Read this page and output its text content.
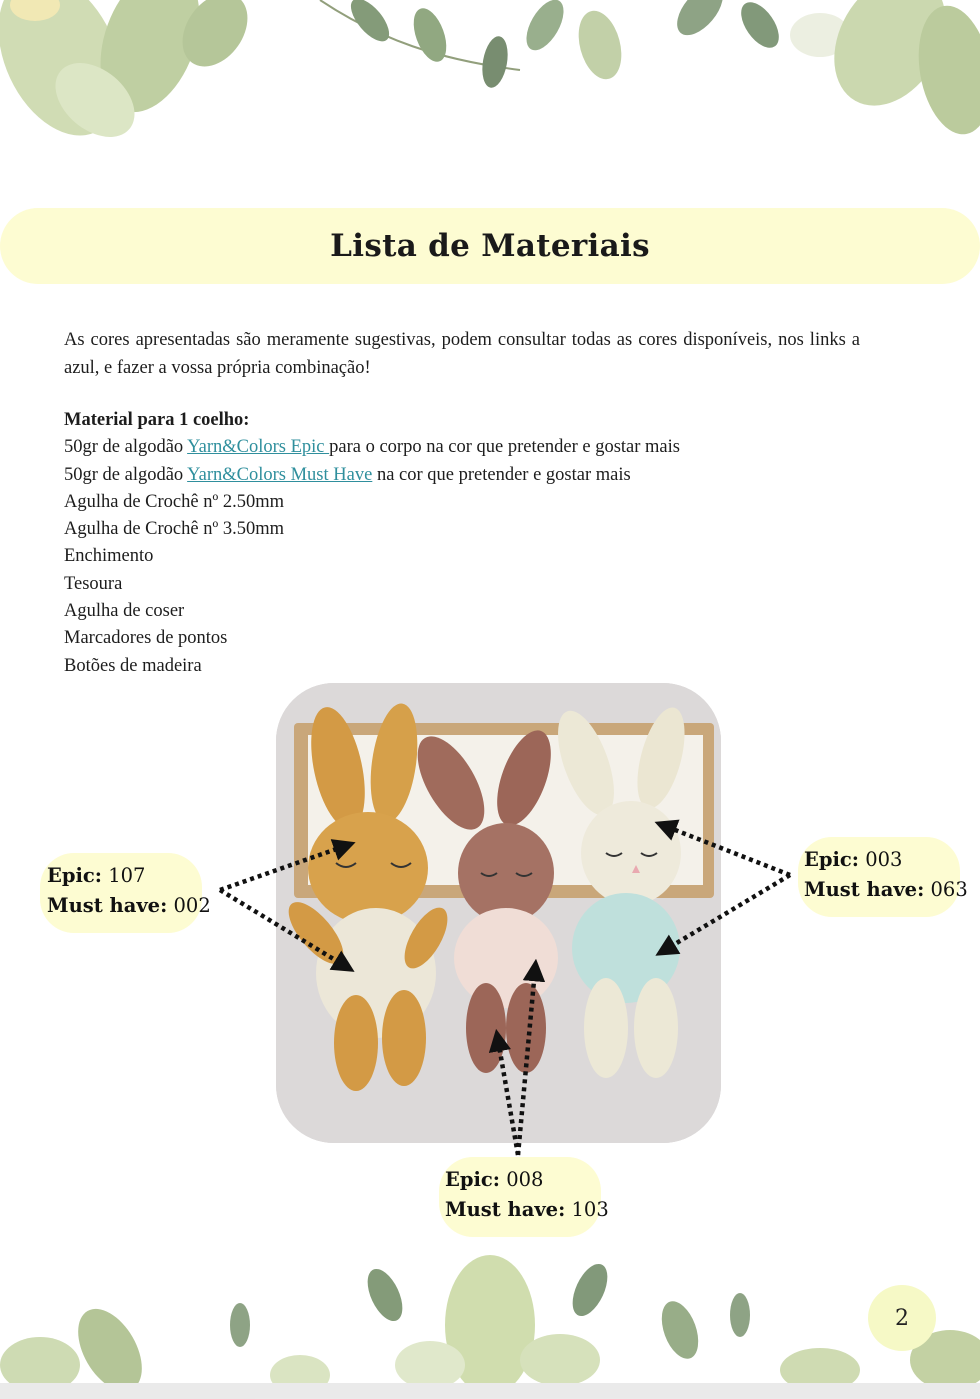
Lista de Materiais

As cores apresentadas são meramente sugestivas, podem consultar todas as cores disponíveis, nos links a azul, e fazer a vossa própria combinação!

Material para 1 coelho:
50gr de algodão Yarn&Colors Epic para o corpo na cor que pretender e gostar mais
50gr de algodão Yarn&Colors Must Have na cor que pretender e gostar mais
Agulha de Crochê nº 2.50mm
Agulha de Crochê nº 3.50mm
Enchimento
Tesoura
Agulha de coser
Marcadores de pontos
Botões de madeira
Epic: 107
Must have: 002
Epic: 003
Must have: 063
Epic: 008
Must have: 103
2
